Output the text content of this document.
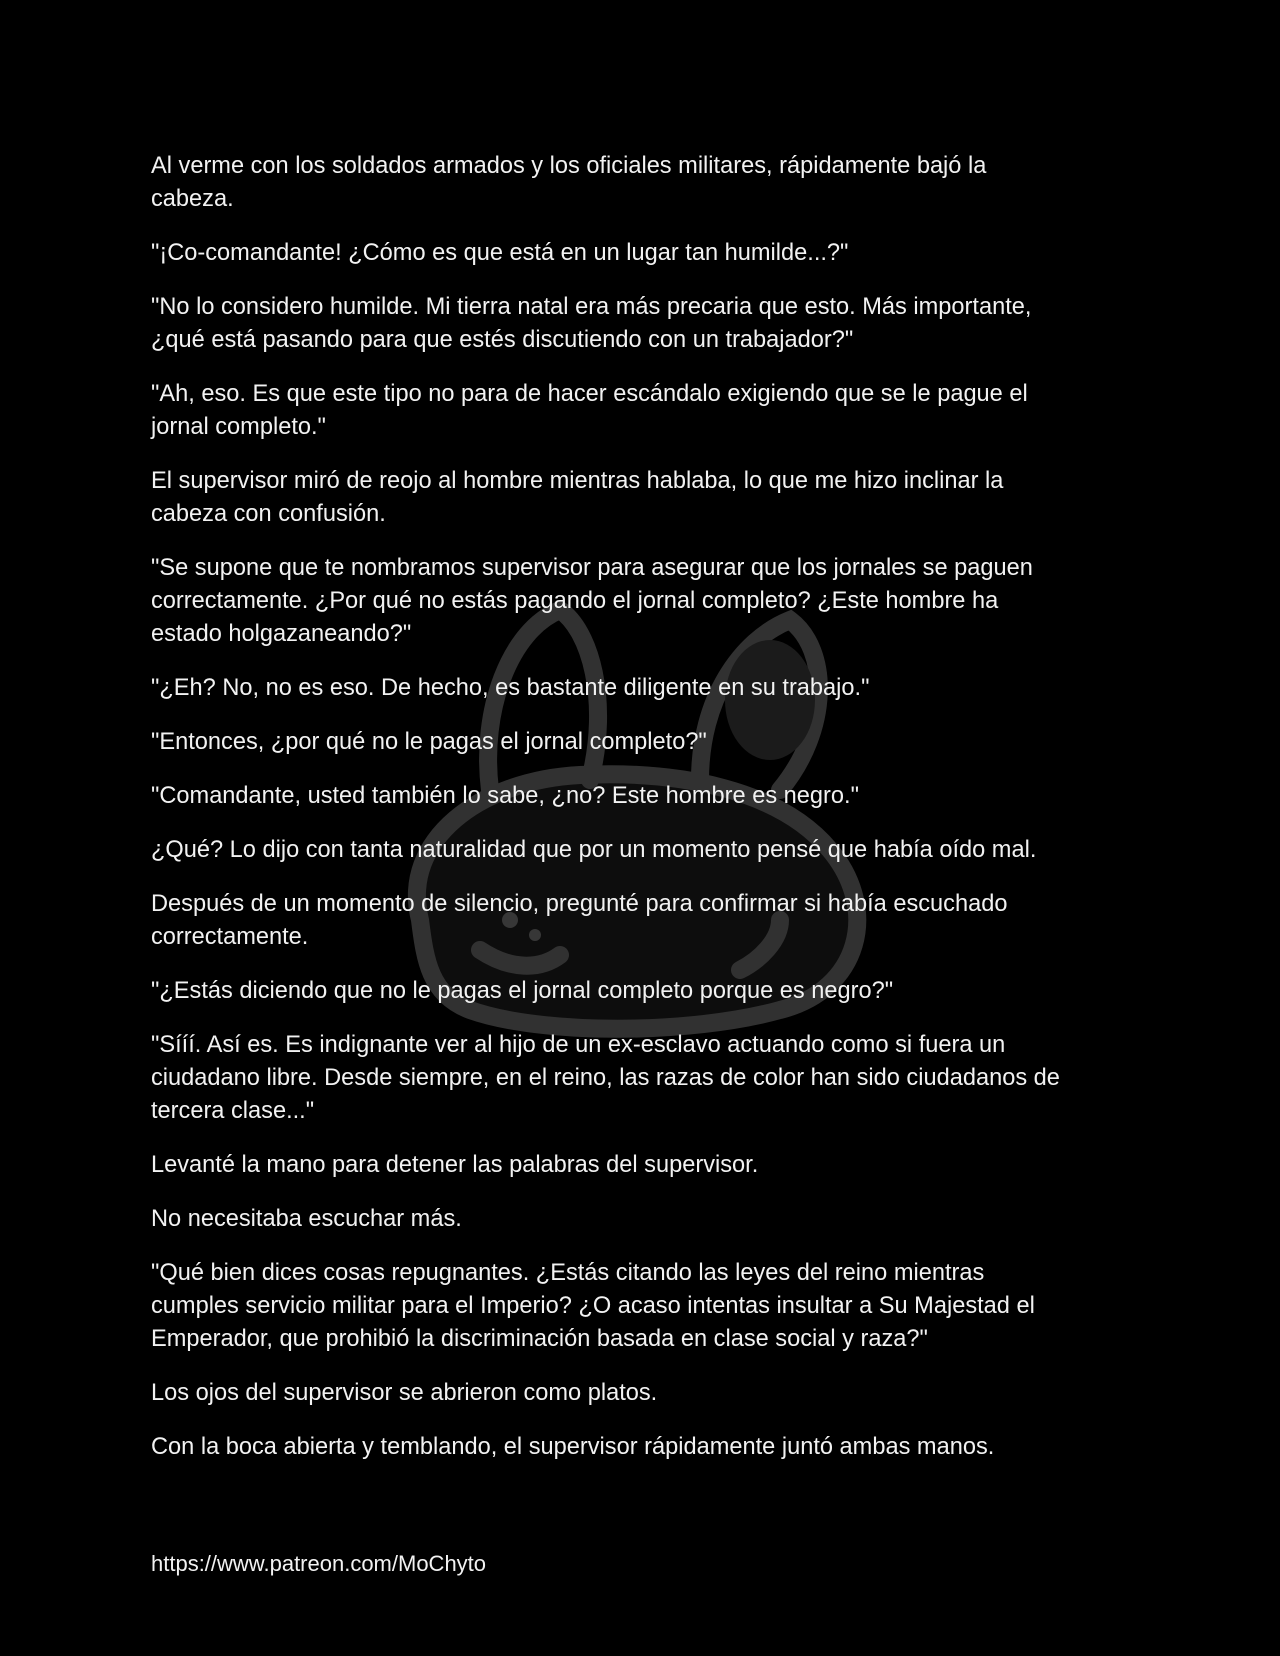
Al verme con los soldados armados y los oficiales militares, rápidamente bajó la
cabeza.

"¡Co-comandante! ¿Cómo es que está en un lugar tan humilde...?"

"No lo considero humilde. Mi tierra natal era más precaria que esto. Más importante,
¿qué está pasando para que estés discutiendo con un trabajador?"

"Ah, eso. Es que este tipo no para de hacer escándalo exigiendo que se le pague el
jornal completo."

El supervisor miró de reojo al hombre mientras hablaba, lo que me hizo inclinar la
cabeza con confusión.

"Se supone que te nombramos supervisor para asegurar que los jornales se paguen
correctamente. ¿Por qué no estás pagando el jornal completo? ¿Este hombre ha
estado holgazaneando?"

"¿Eh? No, no es eso. De hecho, es bastante diligente en su trabajo."

"Entonces, ¿por qué no le pagas el jornal completo?"

"Comandante, usted también lo sabe, ¿no? Este hombre es negro."

¿Qué? Lo dijo con tanta naturalidad que por un momento pensé que había oído mal.

Después de un momento de silencio, pregunté para confirmar si había escuchado
correctamente.

"¿Estás diciendo que no le pagas el jornal completo porque es negro?"

"Sííí. Así es. Es indignante ver al hijo de un ex-esclavo actuando como si fuera un
ciudadano libre. Desde siempre, en el reino, las razas de color han sido ciudadanos de
tercera clase..."

Levanté la mano para detener las palabras del supervisor.

No necesitaba escuchar más.

"Qué bien dices cosas repugnantes. ¿Estás citando las leyes del reino mientras
cumples servicio militar para el Imperio? ¿O acaso intentas insultar a Su Majestad el
Emperador, que prohibió la discriminación basada en clase social y raza?"

Los ojos del supervisor se abrieron como platos.

Con la boca abierta y temblando, el supervisor rápidamente juntó ambas manos.

https://www.patreon.com/MoChyto
